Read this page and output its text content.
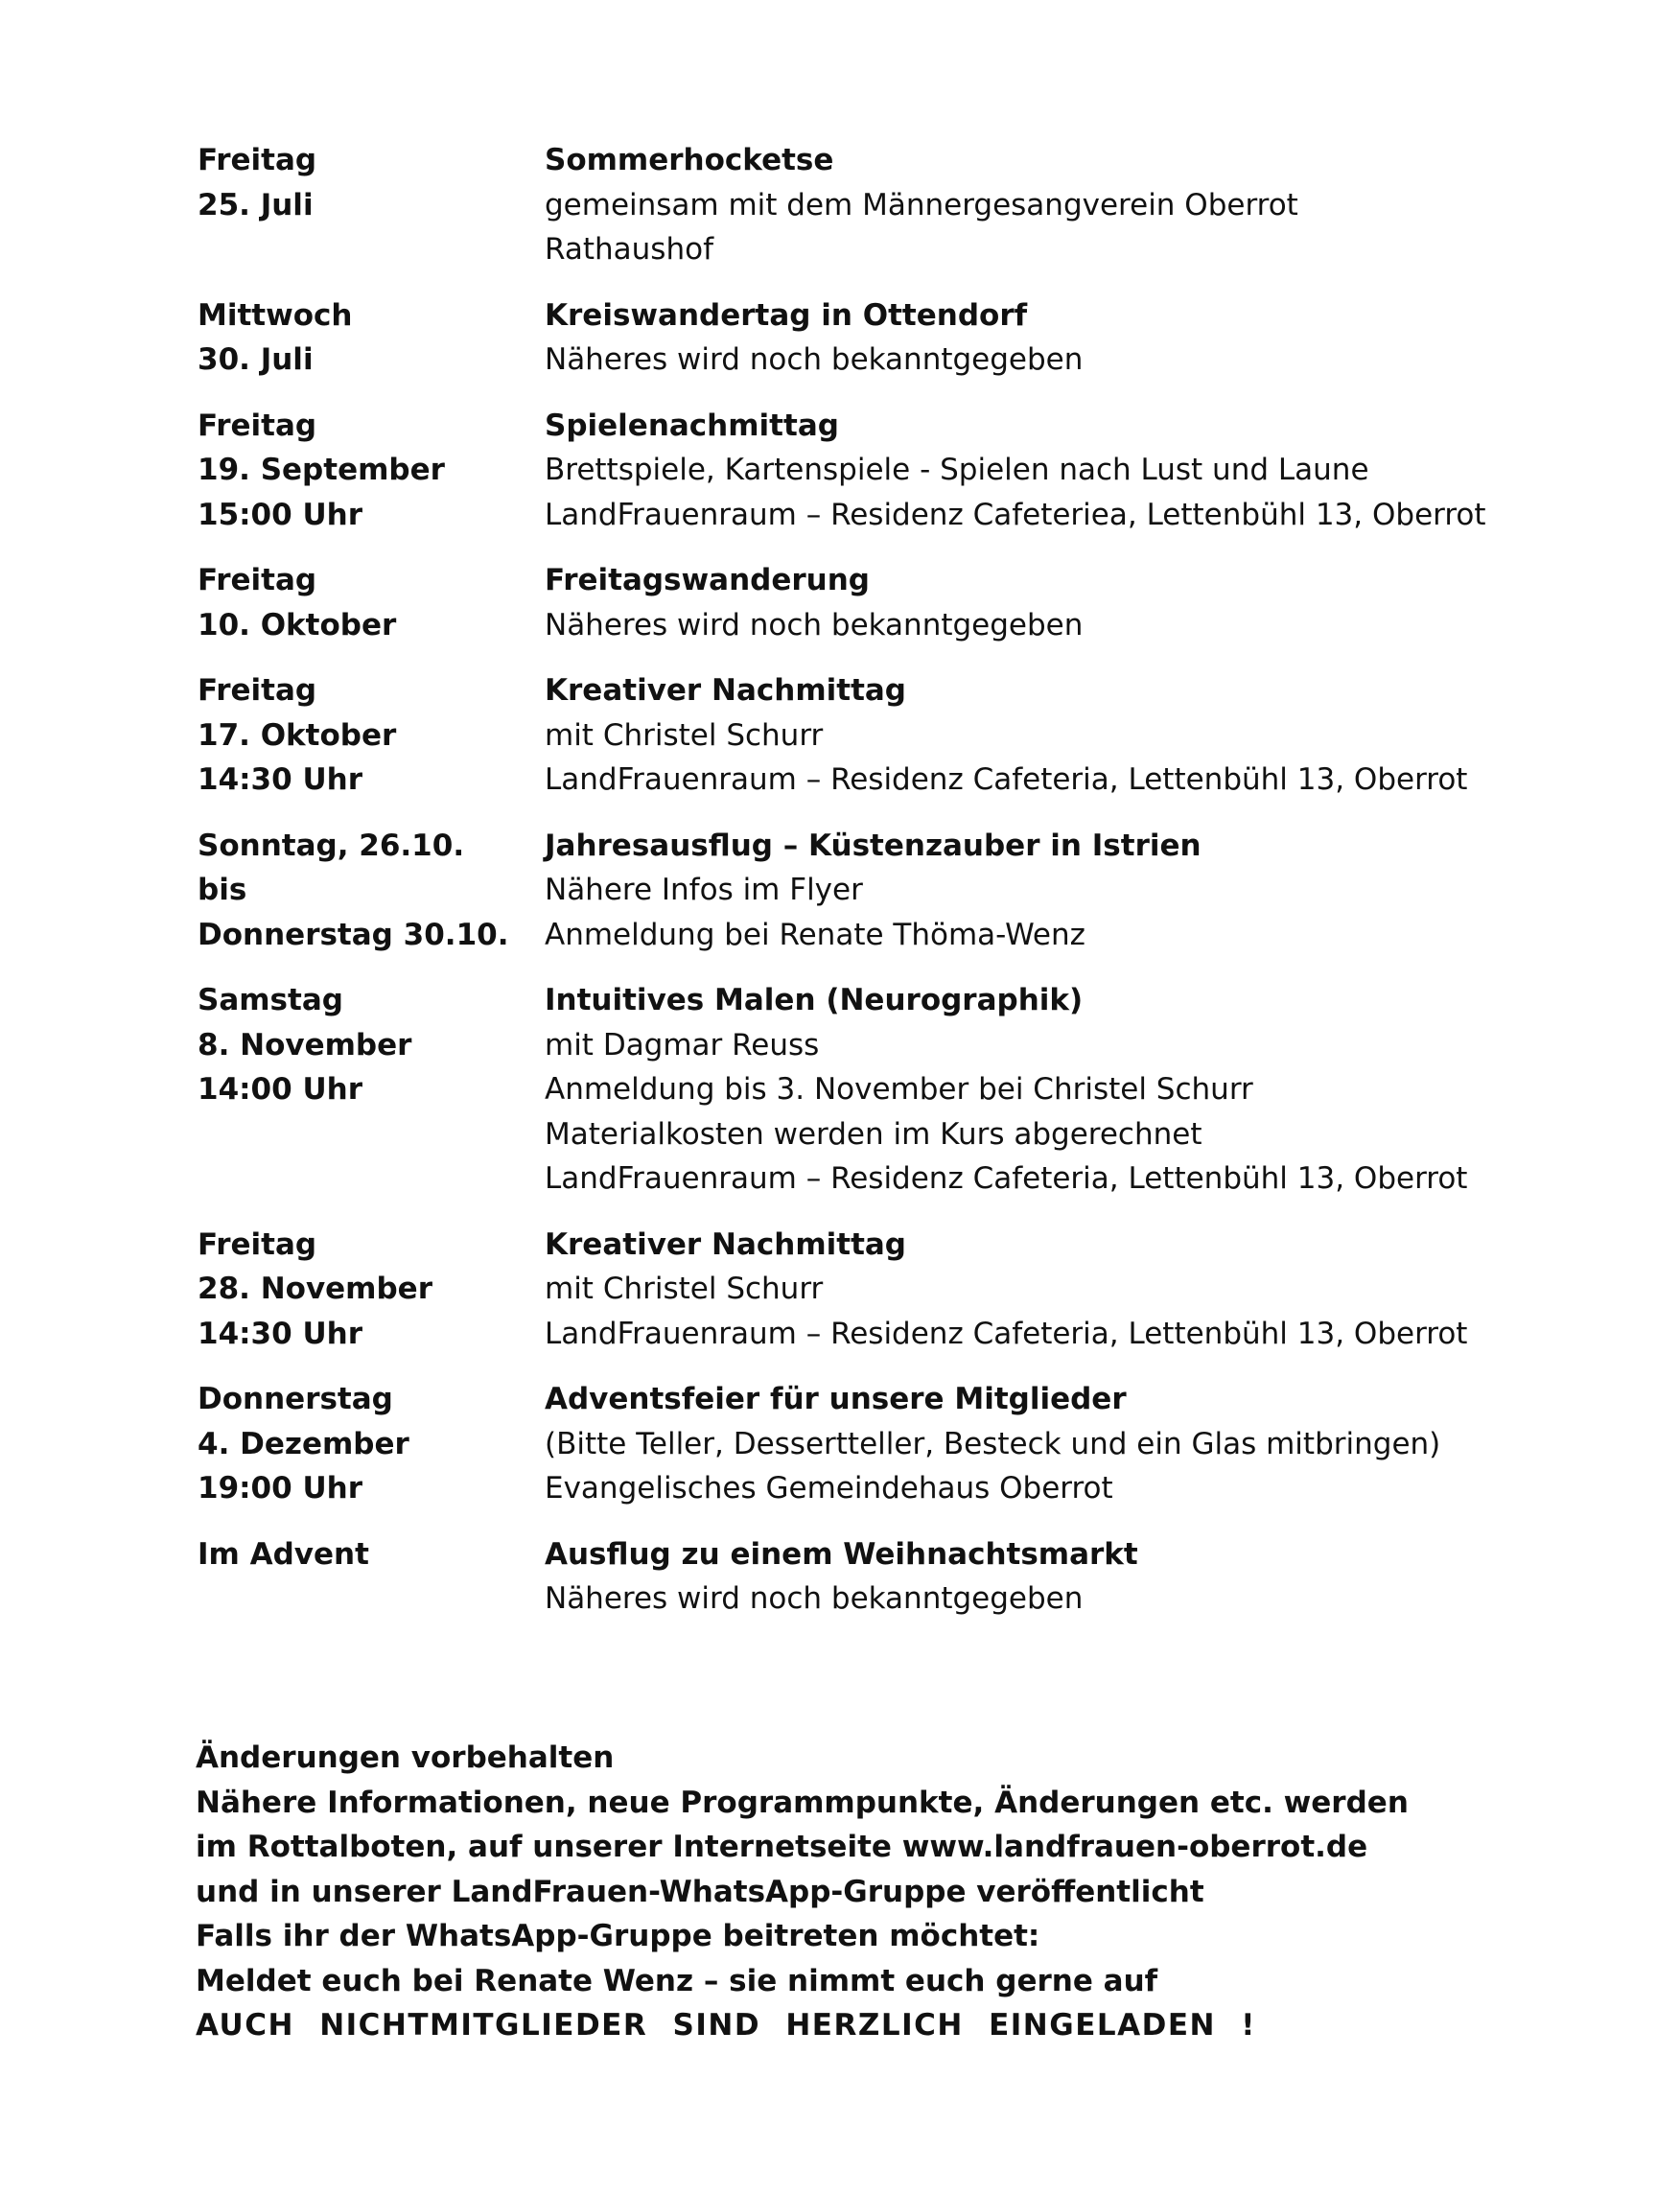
Freitag
25. Juli
Sommerhocketse
gemeinsam mit dem Männergesangverein Oberrot
Rathaushof
Mittwoch
30. Juli
Kreiswandertag in Ottendorf
Näheres wird noch bekanntgegeben
Freitag
19. September
15:00 Uhr
Spielenachmittag
Brettspiele, Kartenspiele - Spielen nach Lust und Laune
LandFrauenraum – Residenz Cafeteriea, Lettenbühl 13, Oberrot
Freitag
10. Oktober
Freitagswanderung
Näheres wird noch bekanntgegeben
Freitag
17. Oktober
14:30 Uhr
Kreativer Nachmittag
mit Christel Schurr
LandFrauenraum – Residenz Cafeteria, Lettenbühl 13, Oberrot
Sonntag, 26.10.
bis
Donnerstag 30.10.
Jahresausflug – Küstenzauber in Istrien
Nähere Infos im Flyer
Anmeldung bei Renate Thöma-Wenz
Samstag
8. November
14:00 Uhr
Intuitives Malen (Neurographik)
mit Dagmar Reuss
Anmeldung bis 3. November bei Christel Schurr
Materialkosten werden im Kurs abgerechnet
LandFrauenraum – Residenz Cafeteria, Lettenbühl 13, Oberrot
Freitag
28. November
14:30 Uhr
Kreativer Nachmittag
mit Christel Schurr
LandFrauenraum – Residenz Cafeteria, Lettenbühl 13, Oberrot
Donnerstag
4. Dezember
19:00 Uhr
Adventsfeier für unsere Mitglieder
(Bitte Teller, Dessertteller, Besteck und ein Glas mitbringen)
Evangelisches Gemeindehaus Oberrot
Im Advent	Ausflug zu einem Weihnachtsmarkt
Näheres wird noch bekanntgegeben
Änderungen vorbehalten
Nähere Informationen, neue Programmpunkte, Änderungen etc. werden
im Rottalboten, auf unserer Internetseite www.landfrauen-oberrot.de
und in unserer LandFrauen-WhatsApp-Gruppe veröffentlicht
Falls ihr der WhatsApp-Gruppe beitreten möchtet:
Meldet euch bei Renate Wenz – sie nimmt euch gerne auf
AUCH NICHTMITGLIEDER SIND HERZLICH EINGELADEN !
